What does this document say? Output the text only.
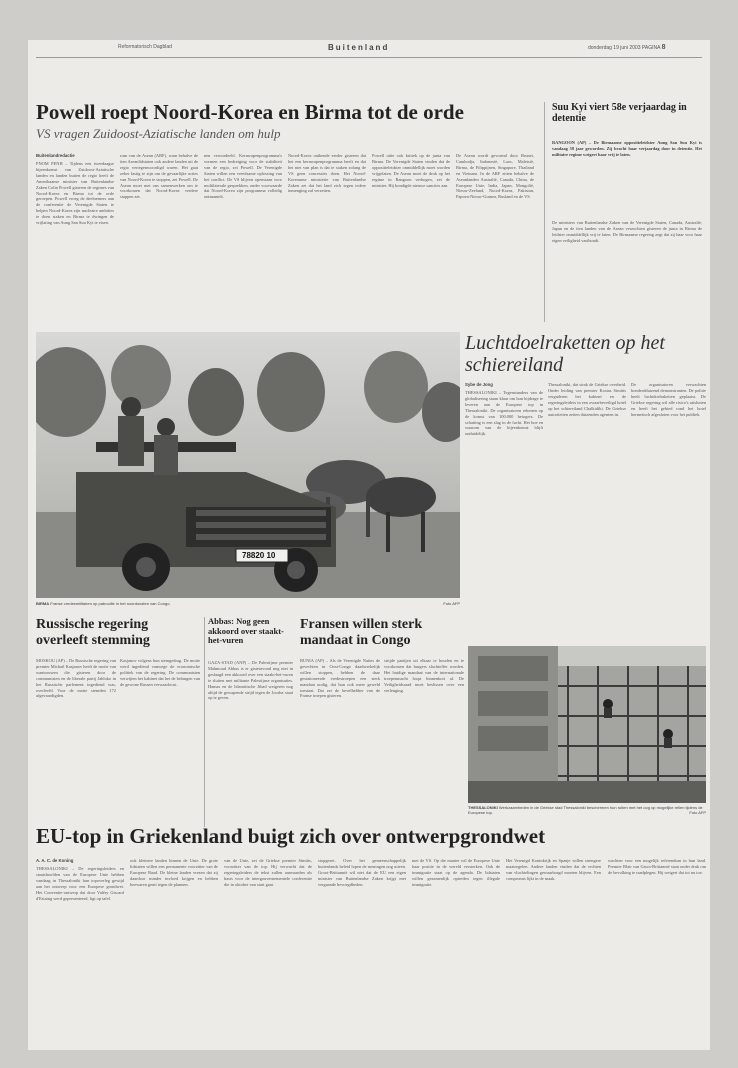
Reformatorisch Dagblad	Buitenland	donderdag 19 juni 2003 PAGINA 8
Powell roept Noord-Korea en Birma tot de orde
VS vragen Zuidoost-Aziatische landen om hulp
Buitenlandredactie
PNOM PENH – Tijdens een tweedaagse bijeenkomst van Zuidoost-Aziatische landen en landen buiten de regio heeft de Amerikaanse minister van Buitenlandse Zaken Colin Powell gisteren de regimes van Noord-Korea en Birma tot de orde geroepen. Powell vroeg de deelnemers aan de conferentie de Verenigde Staten te helpen Noord-Korea zijn nucleaire ambities te doen staken en Birma te dwingen de vrijlating van Aung San Suu Kyi te eisen.
rum van de Asean (ARF), waar behalve de tien Aseanlidstaten ook andere landen uit de regio vertegenwoordigd waren. Het gaat zeker lastig te zijn om de gevaarlijke acties van Noord-Korea te stoppen, zei Powell. De Asean moet met ons samenwerken om te voorkomen dat Noord-Korea verdere stappen zet.
nen veroordeeld. Kernwapenprogramma's vormen een bedreiging voor de stabiliteit van de regio, zei Powell. De Verenigde Staten willen een vreedzame oplossing van het conflict. De VS blijven openstaan voor multilaterale gesprekken, onder voorwaarde dat Noord-Korea zijn programma volledig ontmantelt.
Noord-Korea ontkende eerder gisteren dat het een kernwapenprogramma heeft en dat het niet van plan is dat te staken zolang de VS geen concessies doen. Het Noord-Koreaanse ministerie van Buitenlandse Zaken zei dat het land zich tegen iedere inmenging zal verzetten.
Powell uitte ook kritiek op de junta van Birma. De Verenigde Staten vinden dat de oppositieleidster onmiddellijk moet worden vrijgelaten. De Asean moet de druk op het regime in Rangoon verhogen, zei de minister. Hij kondigde nieuwe sancties aan.
De Asean wordt gevormd door Brunei, Cambodja, Indonesië, Laos, Maleisië, Birma, de Filippijnen, Singapore, Thailand en Vietnam. In de ARF zitten behalve de Aseanlanden Australië, Canada, China, de Europese Unie, India, Japan, Mongolië, Nieuw-Zeeland, Noord-Korea, Pakistan, Papoea-Nieuw-Guinea, Rusland en de VS.
Suu Kyi viert 58e verjaardag in detentie
RANGOON (AP) – De Birmaanse oppositieleidster Aung San Suu Kyi is vandaag 58 jaar geworden. Zij bracht haar verjaardag door in detentie. Het militaire regime weigert haar vrij te laten.
De ministers van Buitenlandse Zaken van de Verenigde Staten, Canada, Australië, Japan en de tien landen van de Asean verzochten gisteren de junta in Birma de leidster onmiddellijk vrij te laten. De Birmaanse regering zegt dat zij haar voor haar eigen veiligheid vasthoudt.
78820 10
BIRMA Franse vredesmilitairen op patrouille in het noordoosten van Congo.	Foto AFP
Luchtdoelraketten op het schiereiland
Sybe de Jong
THESSALONIKI – Tegenstanders van de globalisering staan klaar om hun bijdrage te leveren aan de Europese top in Thessaloniki. De organisatoren rekenen op de komst van 100.000 betogers. De schatting is een slag in de lucht. Het hoe en waarom van de bijeenkomst blijft onduidelijk.
Thessaloniki, dat strak de Griekse overheid. Onder leiding van premier Kostas Simitis vergaderen het kabinet en de regeringsleiders in een zwaarbeveiligd hotel op het schiereiland Chalkidiki. De Griekse autoriteiten zetten duizenden agenten in.
De organisatoren verwachten honderdduizend demonstranten. De politie heeft luchtdoelraketten geplaatst. De Griekse regering wil alle risico's uitsluiten en heeft het gebied rond het hotel hermetisch afgesloten voor het publiek.
Russische regering overleeft stemming
MOSKOU (AP) – De Russische regering van premier Michail Kasjanov heeft de motie van wantrouwen die gisteren door de communisten en de liberale partij Jabloko in het Russische parlement ingediend was, overleefd. Voor de motie stemden 172 afgevaardigden.
Kasjanov volgens hun stemgedrag. De motie werd ingediend vanwege de economische politiek van de regering. De communisten verwijten het kabinet dat het de belangen van de gewone Russen verwaarloost.
Abbas: Nog geen akkoord over staakt-het-vuren
GAZA-STAD (ANP) – De Palestijnse premier Mahmoud Abbas is er gisteravond nog niet in geslaagd een akkoord over een staakt-het-vuren te sluiten met militante Palestijnse organisaties. Hamas en de Islamitische Jihad weigeren nog altijd de gewapende strijd tegen de Joodse staat op te geven.
Fransen willen sterk mandaat in Congo
BUNIA (AP) – Als de Verenigde Naties de gevechten in Oost-Congo daadwerkelijk willen stoppen, hebben de daar gestationeerde vredestroepen een sterk mandaat nodig, dat hun ook meer geweld toestaat. Dat zei de bevelhebber van de Franse troepen gisteren.
strijde partijen uit elkaar te houden en te voorkomen dat burgers slachtoffer worden. Het huidige mandaat van de internationale troepenmacht loopt binnenkort af. De Veiligheidsraad moet beslissen over een verlenging.
THESSALONIKI Werkzaamheden in de Griekse stad Thessaloniki beschermen hun ruiten met het oog op mogelijke rellen tijdens de Europese top.	Foto AFP
EU-top in Griekenland buigt zich over ontwerpgrondwet
A. A. C. de Koning
THESSALONIKI – De regeringsleiders en staatshoofden van de Europese Unie hebben vandaag in Thessaloniki hun topoverleg gewijd aan het ontwerp voor een Europese grondwet. Het Conventie-ontwerp dat door Valéry Giscard d'Estaing werd gepresenteerd, ligt op tafel.
ook kleinere landen binnen de Unie. De grote lidstaten willen een permanente voorzitter van de Europese Raad. De kleine landen vrezen dat zij daardoor minder invloed krijgen en hebben bezwaren geuit tegen de plannen.
van de Unie, zei de Griekse premier Simitis, voorzitter van de top. Hij verwacht dat de regeringsleiders de tekst zullen aanvaarden als basis voor de intergouvernementele conferentie die in oktober van start gaat.
stopgezet. Over het gemeenschappelijk buitenlands beleid lopen de meningen nog uiteen. Groot-Brittannië wil niet dat de EU een eigen minister van Buitenlandse Zaken krijgt met vergaande bevoegdheden.
met de VS. Op die manier wil de Europese Unie haar positie in de wereld versterken. Ook de immigratie staat op de agenda. De lidstaten willen gezamenlijk optreden tegen illegale immigratie.
Het Verenigd Koninkrijk en Spanje willen strengere maatregelen. Andere landen vinden dat de rechten van vluchtelingen gewaarborgd moeten blijven. Een compromis lijkt in de maak.
wachten voor een mogelijk referendum in hun land. Premier Blair van Groot-Brittannië staat onder druk om de bevolking te raadplegen. Hij weigert dat tot nu toe.
